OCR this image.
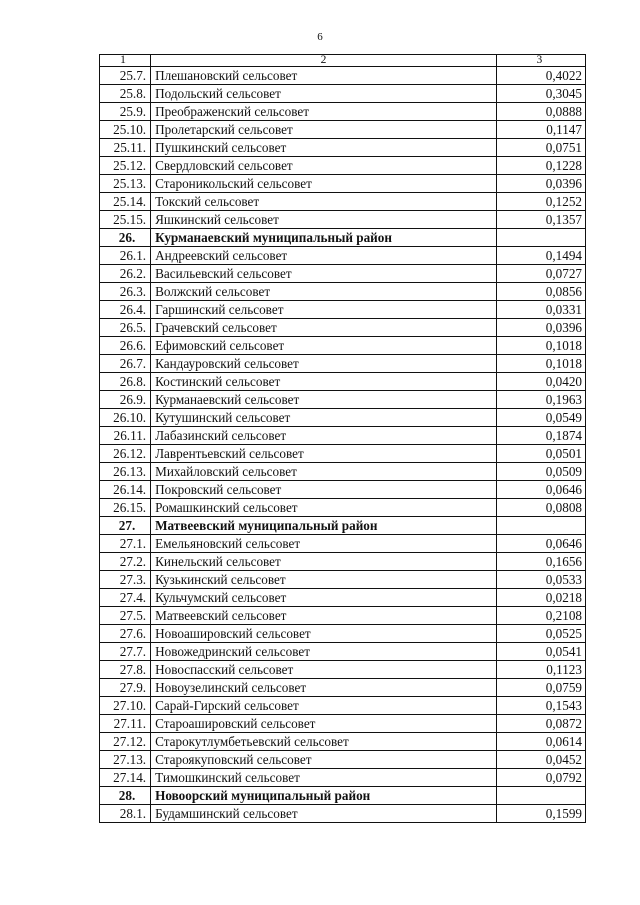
6
1	2	3
25.7.	Плешановский сельсовет	0,4022
25.8.	Подольский сельсовет	0,3045
25.9.	Преображенский сельсовет	0,0888
25.10.	Пролетарский сельсовет	0,1147
25.11.	Пушкинский сельсовет	0,0751
25.12.	Свердловский сельсовет	0,1228
25.13.	Староникольский сельсовет	0,0396
25.14.	Токский сельсовет	0,1252
25.15.	Яшкинский сельсовет	0,1357
26.	Курманаевский муниципальный район	
26.1.	Андреевский сельсовет	0,1494
26.2.	Васильевский сельсовет	0,0727
26.3.	Волжский сельсовет	0,0856
26.4.	Гаршинский сельсовет	0,0331
26.5.	Грачевский сельсовет	0,0396
26.6.	Ефимовский сельсовет	0,1018
26.7.	Кандауровский сельсовет	0,1018
26.8.	Костинский сельсовет	0,0420
26.9.	Курманаевский сельсовет	0,1963
26.10.	Кутушинский сельсовет	0,0549
26.11.	Лабазинский сельсовет	0,1874
26.12.	Лаврентьевский сельсовет	0,0501
26.13.	Михайловский сельсовет	0,0509
26.14.	Покровский сельсовет	0,0646
26.15.	Ромашкинский сельсовет	0,0808
27.	Матвеевский муниципальный район	
27.1.	Емельяновский сельсовет	0,0646
27.2.	Кинельский сельсовет	0,1656
27.3.	Кузькинский сельсовет	0,0533
27.4.	Кульчумский сельсовет	0,0218
27.5.	Матвеевский сельсовет	0,2108
27.6.	Новоашировский сельсовет	0,0525
27.7.	Новожедринский сельсовет	0,0541
27.8.	Новоспасский сельсовет	0,1123
27.9.	Новоузелинский сельсовет	0,0759
27.10.	Сарай-Гирский сельсовет	0,1543
27.11.	Староашировский сельсовет	0,0872
27.12.	Старокутлумбетьевский сельсовет	0,0614
27.13.	Староякуповский сельсовет	0,0452
27.14.	Тимошкинский сельсовет	0,0792
28.	Новоорский муниципальный район	
28.1.	Будамшинский сельсовет	0,1599
